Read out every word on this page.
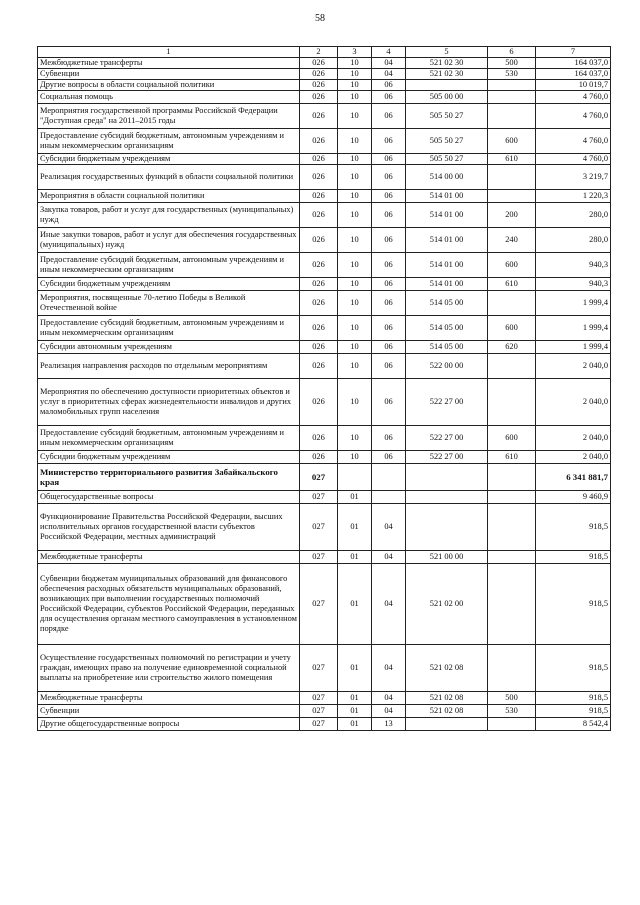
58
1	2	3	4	5	6	7
Межбюджетные трансферты	026	10	04	521 02 30	500	164 037,0
Субвенции	026	10	04	521 02 30	530	164 037,0
Другие вопросы в области социальной политики	026	10	06			10 019,7
Социальная помощь	026	10	06	505 00 00		4 760,0
Мероприятия государственной программы Российской Федерации "Доступная среда" на 2011–2015 годы	026	10	06	505 50 27		4 760,0
Предоставление субсидий бюджетным, автономным учреждениям и иным некоммерческим организациям	026	10	06	505 50 27	600	4 760,0
Субсидии бюджетным учреждениям	026	10	06	505 50 27	610	4 760,0
Реализация государственных функций в области социальной политики	026	10	06	514 00 00		3 219,7
Мероприятия в области социальной политики	026	10	06	514 01 00		1 220,3
Закупка товаров, работ и услуг для государственных (муниципальных) нужд	026	10	06	514 01 00	200	280,0
Иные закупки товаров, работ и услуг для обеспечения государственных (муниципальных) нужд	026	10	06	514 01 00	240	280,0
Предоставление субсидий бюджетным, автономным учреждениям и иным некоммерческим организациям	026	10	06	514 01 00	600	940,3
Субсидии бюджетным учреждениям	026	10	06	514 01 00	610	940,3
Мероприятия, посвященные 70-летию Победы в Великой Отечественной войне	026	10	06	514 05 00		1 999,4
Предоставление субсидий бюджетным, автономным учреждениям и иным некоммерческим организациям	026	10	06	514 05 00	600	1 999,4
Субсидии автономным учреждениям	026	10	06	514 05 00	620	1 999,4
Реализация направления расходов по отдельным мероприятиям	026	10	06	522 00 00		2 040,0
Мероприятия по обеспечению доступности приоритетных объектов и услуг в приоритетных сферах жизнедеятельности инвалидов и других маломобильных групп населения	026	10	06	522 27 00		2 040,0
Предоставление субсидий бюджетным, автономным учреждениям и иным некоммерческим организациям	026	10	06	522 27 00	600	2 040,0
Субсидии бюджетным учреждениям	026	10	06	522 27 00	610	2 040,0
Министерство территориального развития Забайкальского края	027					6 341 881,7
Общегосударственные вопросы	027	01				9 460,9
Функционирование Правительства Российской Федерации, высших исполнительных органов государственной власти субъектов Российской Федерации, местных администраций	027	01	04			918,5
Межбюджетные трансферты	027	01	04	521 00 00		918,5
Субвенции бюджетам муниципальных образований для финансового обеспечения расходных обязательств муниципальных образований, возникающих при выполнении государственных полномочий Российской Федерации, субъектов Российской Федерации, переданных для осуществления органам местного самоуправления в установленном порядке	027	01	04	521 02 00		918,5
Осуществление государственных полномочий по регистрации и учету граждан, имеющих право на получение единовременной социальной выплаты на приобретение или строительство жилого помещения	027	01	04	521 02 08		918,5
Межбюджетные трансферты	027	01	04	521 02 08	500	918,5
Субвенции	027	01	04	521 02 08	530	918,5
Другие общегосударственные вопросы	027	01	13			8 542,4
